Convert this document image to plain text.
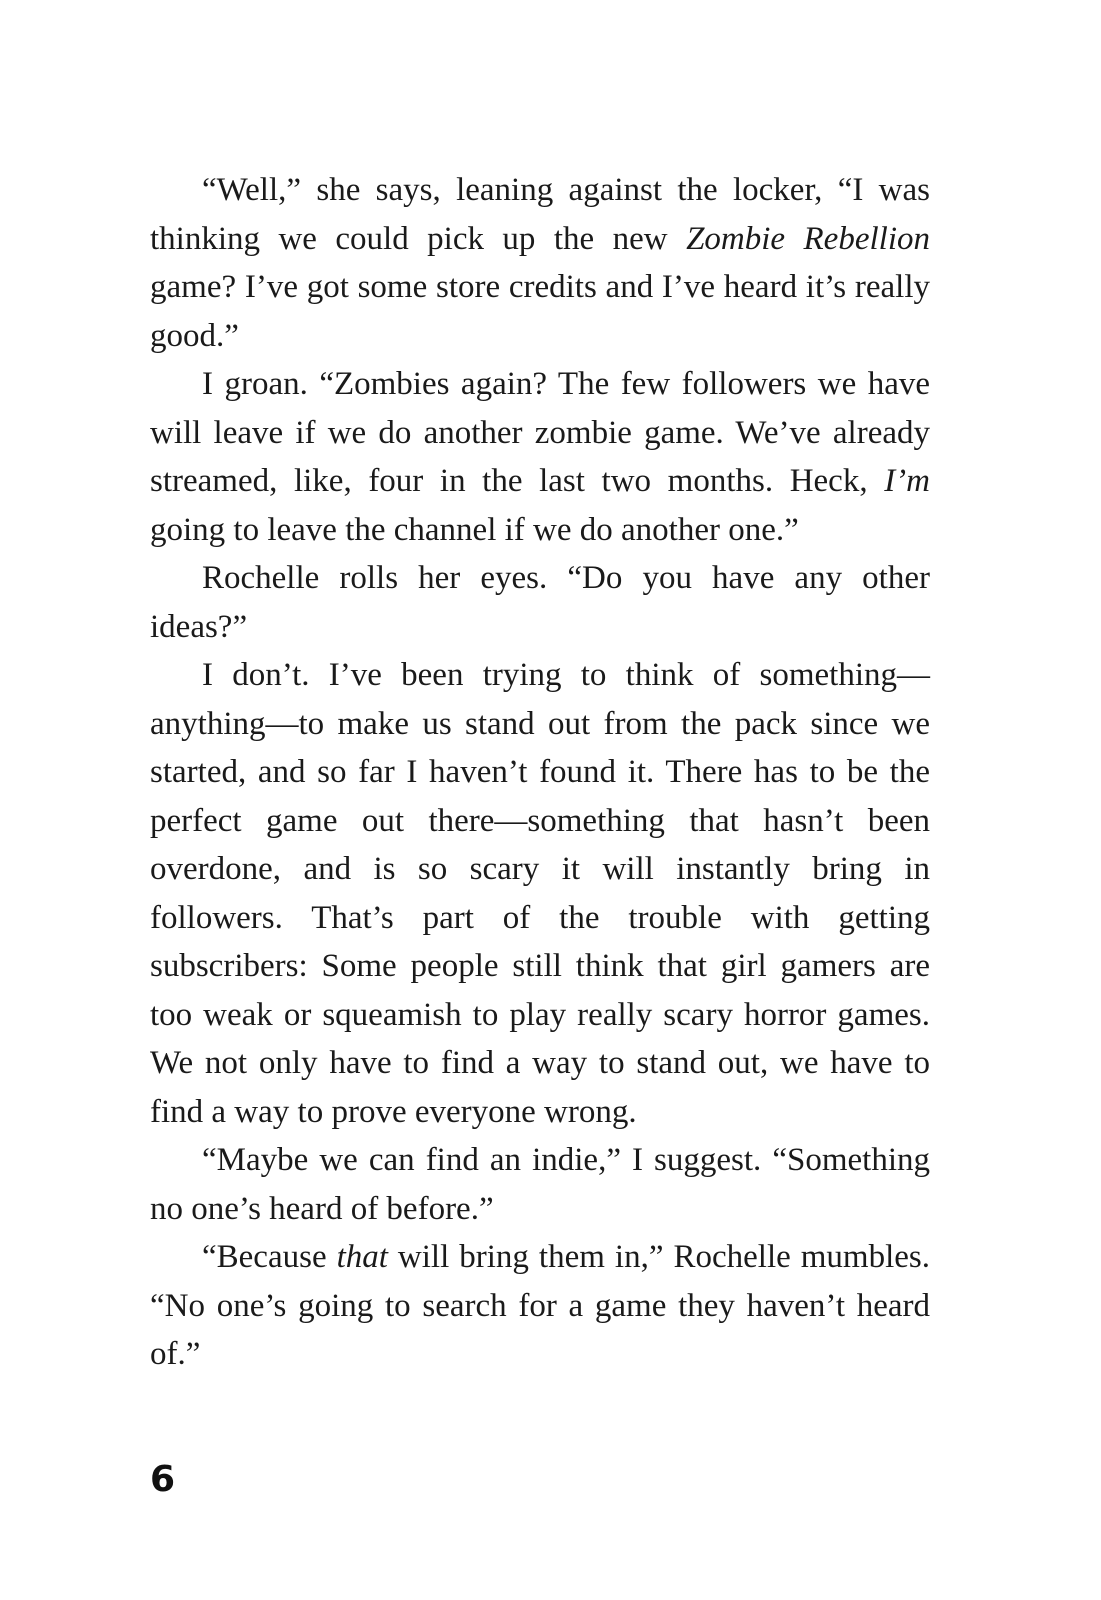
“Well,” she says, leaning against the locker, “I was thinking we could pick up the new Zombie Rebellion game? I’ve got some store credits and I’ve heard it’s really good.”

I groan. “Zombies again? The few followers we have will leave if we do another zombie game. We’ve already streamed, like, four in the last two months. Heck, I’m going to leave the channel if we do another one.”

Rochelle rolls her eyes. “Do you have any other ideas?”

I don’t. I’ve been trying to think of something—anything—to make us stand out from the pack since we started, and so far I haven’t found it. There has to be the perfect game out there—something that hasn’t been overdone, and is so scary it will instantly bring in followers. That’s part of the trouble with getting subscribers: Some people still think that girl gamers are too weak or squeamish to play really scary horror games. We not only have to find a way to stand out, we have to find a way to prove everyone wrong.

“Maybe we can find an indie,” I suggest. “Something no one’s heard of before.”

“Because that will bring them in,” Rochelle mumbles. “No one’s going to search for a game they haven’t heard of.”

6
